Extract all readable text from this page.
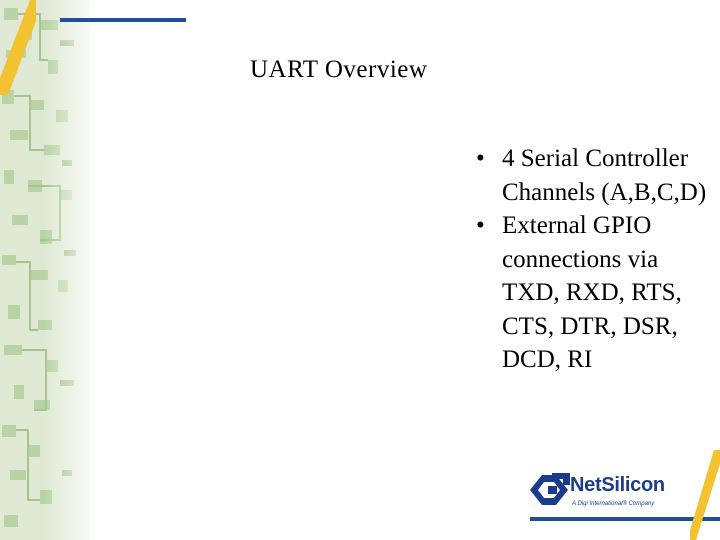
UART Overview
• 4 Serial Controller Channels (A,B,C,D)
• External GPIO connections via TXD, RXD, RTS, CTS, DTR, DSR, DCD, RI
NetSilicon
A Digi International® Company
